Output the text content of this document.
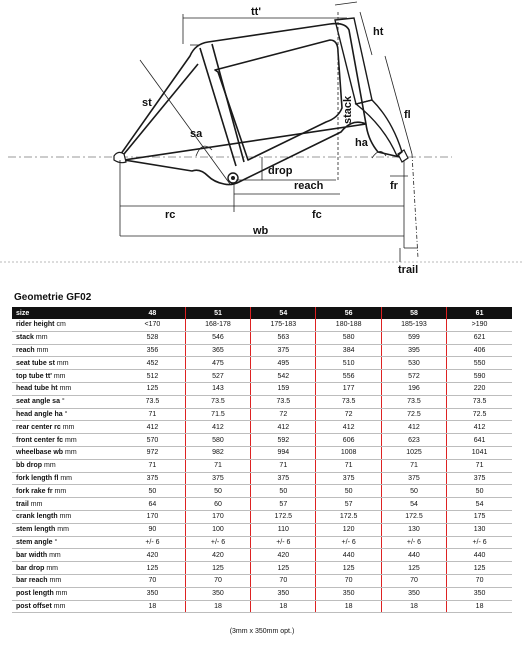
tt'
ht
st	stack	fl
sa
ha
drop
reach	fr
rc	fc
wb
trail
Geometrie GF02
size	48	51	54	56	58	61
rider height cm	<170	168-178	175-183	180-188	185-193	>190
stack mm	528	546	563	580	599	621
reach mm	356	365	375	384	395	406
seat tube st mm	452	475	495	510	530	550
top tube tt' mm	512	527	542	556	572	590
head tube ht mm	125	143	159	177	196	220
seat angle sa °	73.5	73.5	73.5	73.5	73.5	73.5
head angle ha °	71	71.5	72	72	72.5	72.5
rear center rc mm	412	412	412	412	412	412
front center fc mm	570	580	592	606	623	641
wheelbase wb mm	972	982	994	1008	1025	1041
bb drop mm	71	71	71	71	71	71
fork length fl mm	375	375	375	375	375	375
fork rake fr mm	50	50	50	50	50	50
trail mm	64	60	57	57	54	54
crank length mm	170	170	172.5	172.5	172.5	175
stem length mm	90	100	110	120	130	130
stem angle °	+/- 6	+/- 6	+/- 6	+/- 6	+/- 6	+/- 6
bar width mm	420	420	420	440	440	440
bar drop mm	125	125	125	125	125	125
bar reach mm	70	70	70	70	70	70
post length mm	350	350	350	350	350	350
post offset mm	18	18	18	18	18	18
(3mm x 350mm opt.)
